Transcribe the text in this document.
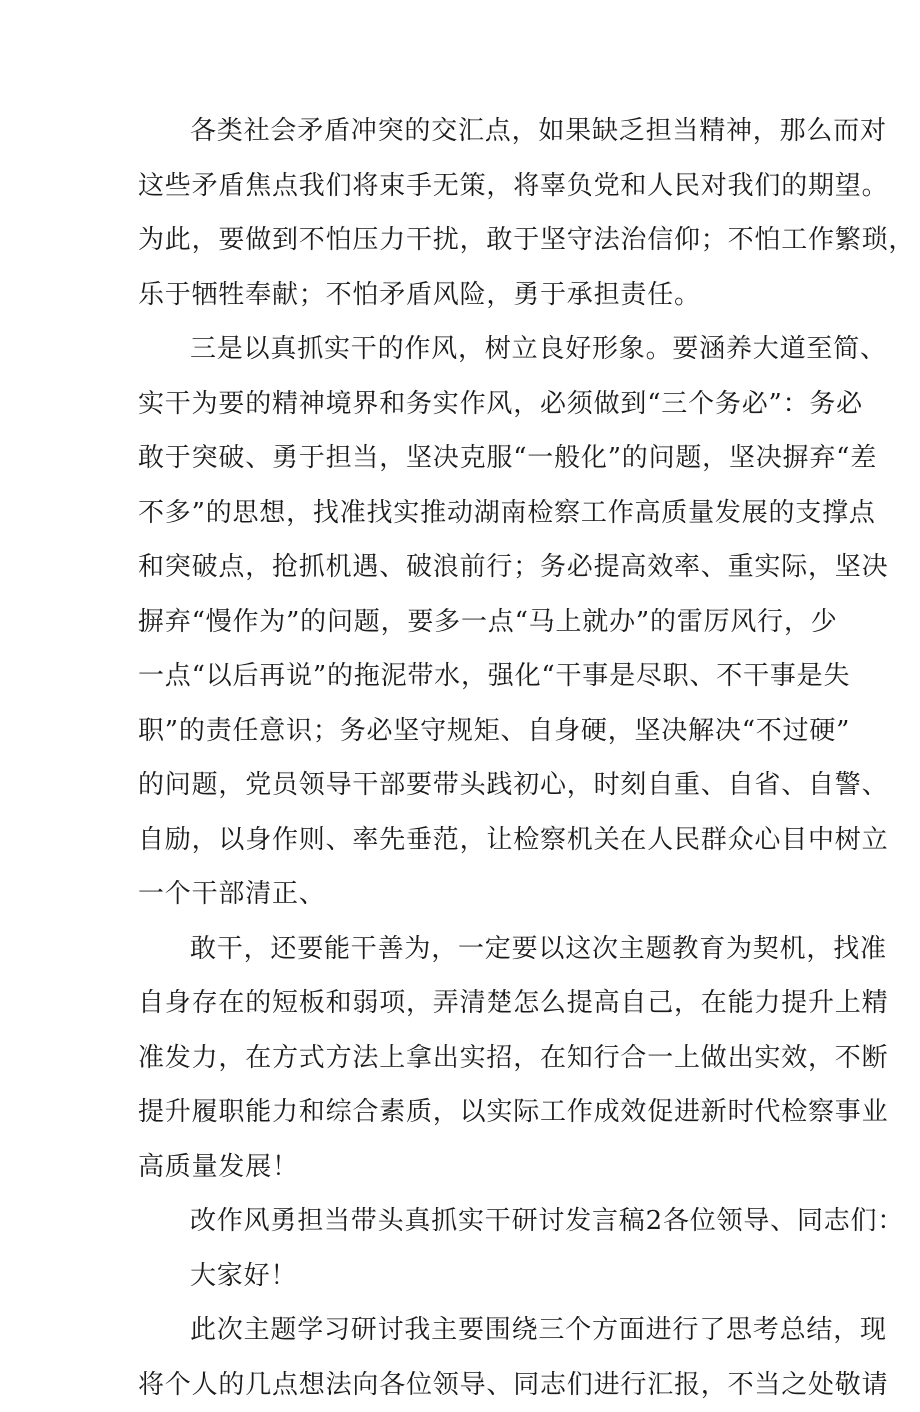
各类社会矛盾冲突的交汇点，如果缺乏担当精神，那么而对
这些矛盾焦点我们将束手无策，将辜负党和人民对我们的期望。
为此，要做到不怕压力干扰，敢于坚守法治信仰；不怕工作繁琐，
乐于牺牲奉献；不怕矛盾风险，勇于承担责任。
三是以真抓实干的作风，树立良好形象。要涵养大道至简、
实干为要的精神境界和务实作风，必须做到“三个务必”：务必
敢于突破、勇于担当，坚决克服“一般化”的问题，坚决摒弃“差
不多”的思想，找准找实推动湖南检察工作高质量发展的支撑点
和突破点，抢抓机遇、破浪前行；务必提高效率、重实际，坚决
摒弃“慢作为”的问题，要多一点“马上就办”的雷厉风行，少
一点“以后再说”的拖泥带水，强化“干事是尽职、不干事是失
职”的责任意识；务必坚守规矩、自身硬，坚决解决“不过硬”
的问题，党员领导干部要带头践初心，时刻自重、自省、自警、
自励，以身作则、率先垂范，让检察机关在人民群众心目中树立
一个干部清正、
敢干，还要能干善为，一定要以这次主题教育为契机，找准
自身存在的短板和弱项，弄清楚怎么提高自己，在能力提升上精
准发力，在方式方法上拿出实招，在知行合一上做出实效，不断
提升履职能力和综合素质，以实际工作成效促进新时代检察事业
高质量发展！
改作风勇担当带头真抓实干研讨发言稿2各位领导、同志们：
大家好！
此次主题学习研讨我主要围绕三个方面进行了思考总结，现
将个人的几点想法向各位领导、同志们进行汇报，不当之处敬请
